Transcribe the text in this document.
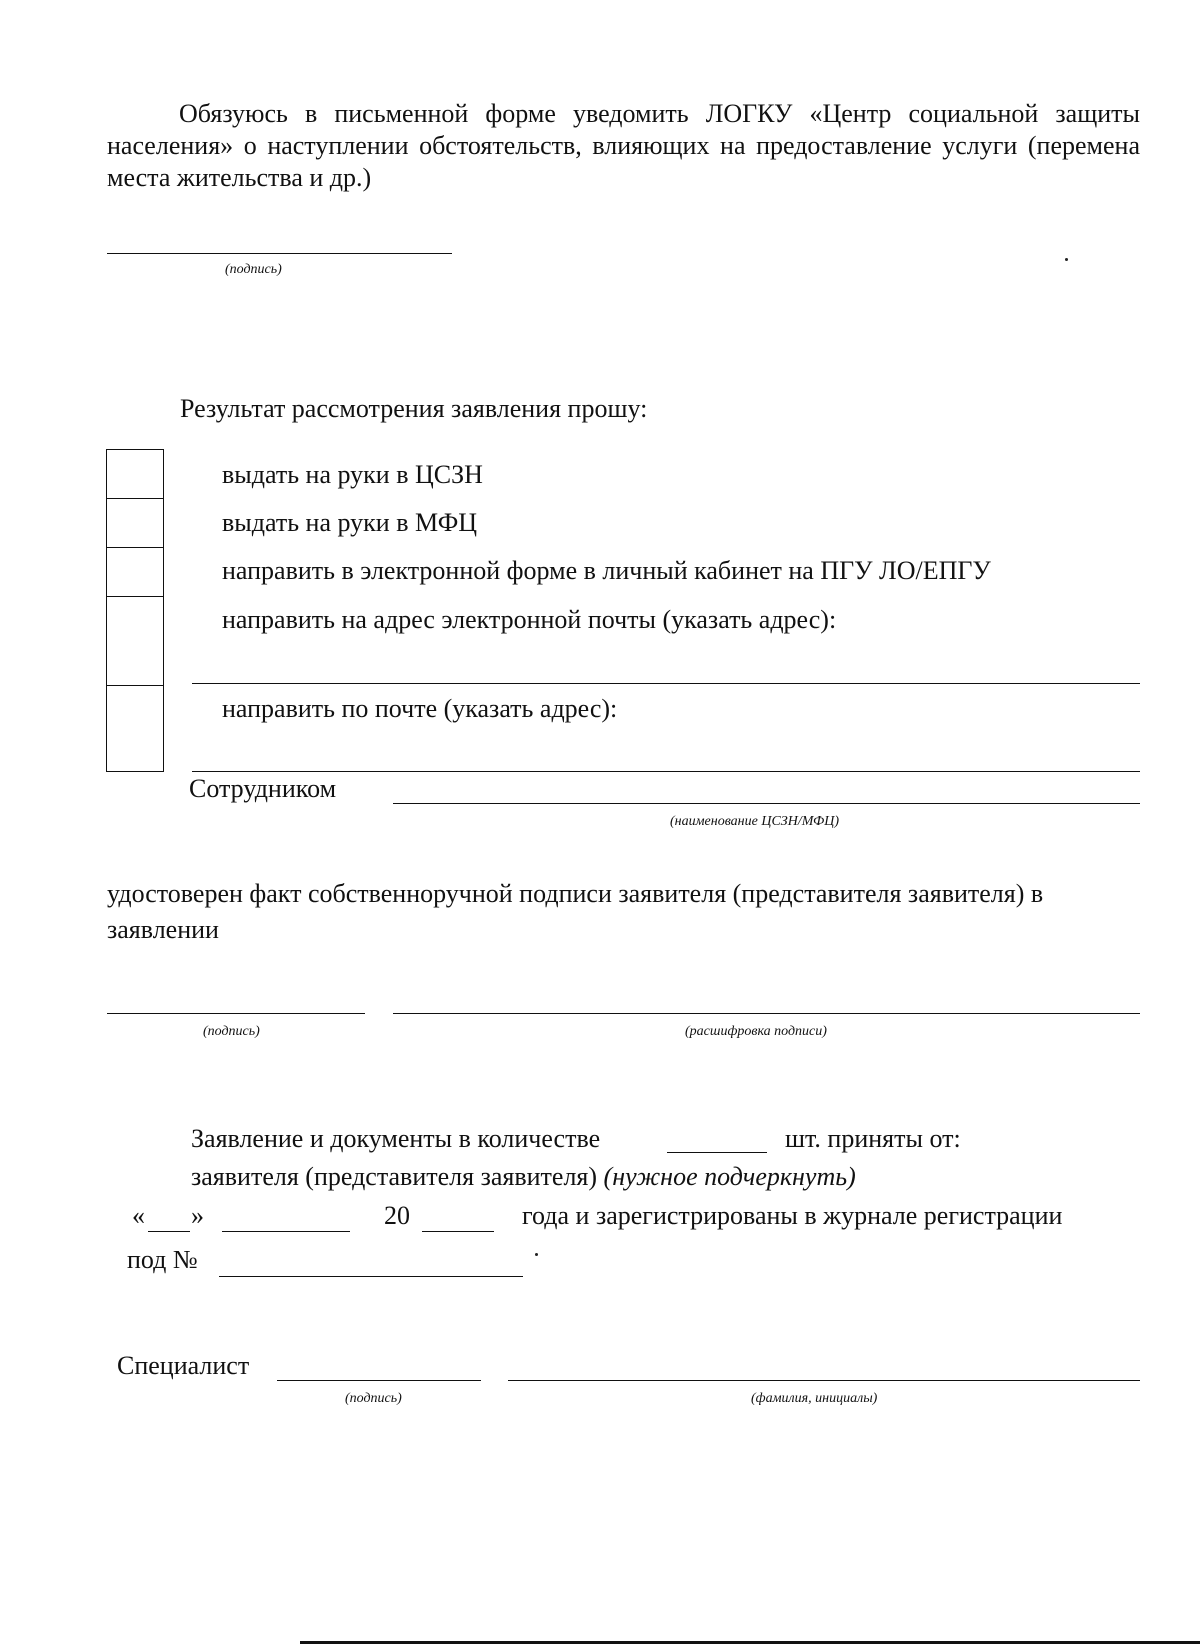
Обязуюсь в письменной форме уведомить ЛОГКУ «Центр социальной защиты населения» о наступлении обстоятельств, влияющих на предоставление услуги (перемена места жительства и др.)
(подпись)
Результат рассмотрения заявления прошу:
выдать на руки в ЦСЗН
выдать на руки в МФЦ
направить в электронной форме в личный кабинет на ПГУ ЛО/ЕПГУ
направить на адрес электронной почты (указать адрес):
направить по почте (указать адрес):
Сотрудником
(наименование ЦСЗН/МФЦ)
удостоверен факт собственноручной подписи заявителя (представителя заявителя) в заявлении
(подпись)	(расшифровка подписи)
Заявление и документы в количестве	шт. приняты от:
заявителя (представителя заявителя) (нужное подчеркнуть)
« »	20	года и зарегистрированы в журнале регистрации
под №
Специалист
(подпись)	(фамилия, инициалы)
